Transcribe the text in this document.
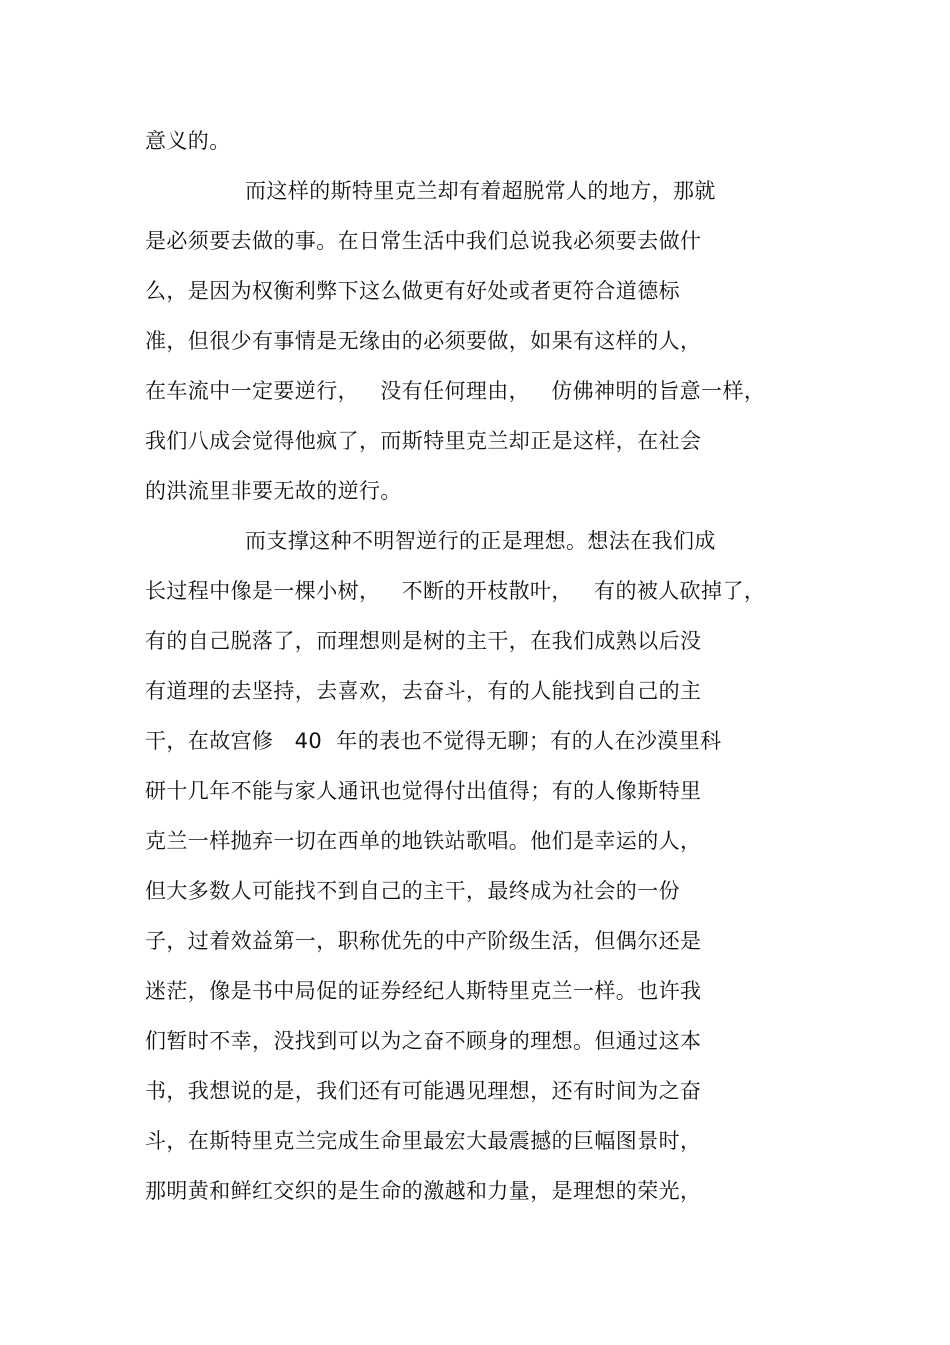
意义的。

而这样的斯特里克兰却有着超脱常人的地方，那就

是必须要去做的事。在日常生活中我们总说我必须要去做什

么，是因为权衡利弊下这么做更有好处或者更符合道德标

准，但很少有事情是无缘由的必须要做，如果有这样的人，

在车流中一定要逆行，   没有任何理由，   仿佛神明的旨意一样，

我们八成会觉得他疯了，而斯特里克兰却正是这样，在社会

的洪流里非要无故的逆行。

而支撑这种不明智逆行的正是理想。想法在我们成

长过程中像是一棵小树，   不断的开枝散叶，   有的被人砍掉了，

有的自己脱落了，而理想则是树的主干，在我们成熟以后没

有道理的去坚持，去喜欢，去奋斗，有的人能找到自己的主

干，在故宫修   40  年的表也不觉得无聊；有的人在沙漠里科

研十几年不能与家人通讯也觉得付出值得；有的人像斯特里

克兰一样抛弃一切在西单的地铁站歌唱。他们是幸运的人，

但大多数人可能找不到自己的主干，最终成为社会的一份

子，过着效益第一，职称优先的中产阶级生活，但偶尔还是

迷茫，像是书中局促的证券经纪人斯特里克兰一样。也许我

们暂时不幸，没找到可以为之奋不顾身的理想。但通过这本

书，我想说的是，我们还有可能遇见理想，还有时间为之奋

斗，在斯特里克兰完成生命里最宏大最震撼的巨幅图景时，

那明黄和鲜红交织的是生命的激越和力量，是理想的荣光，
